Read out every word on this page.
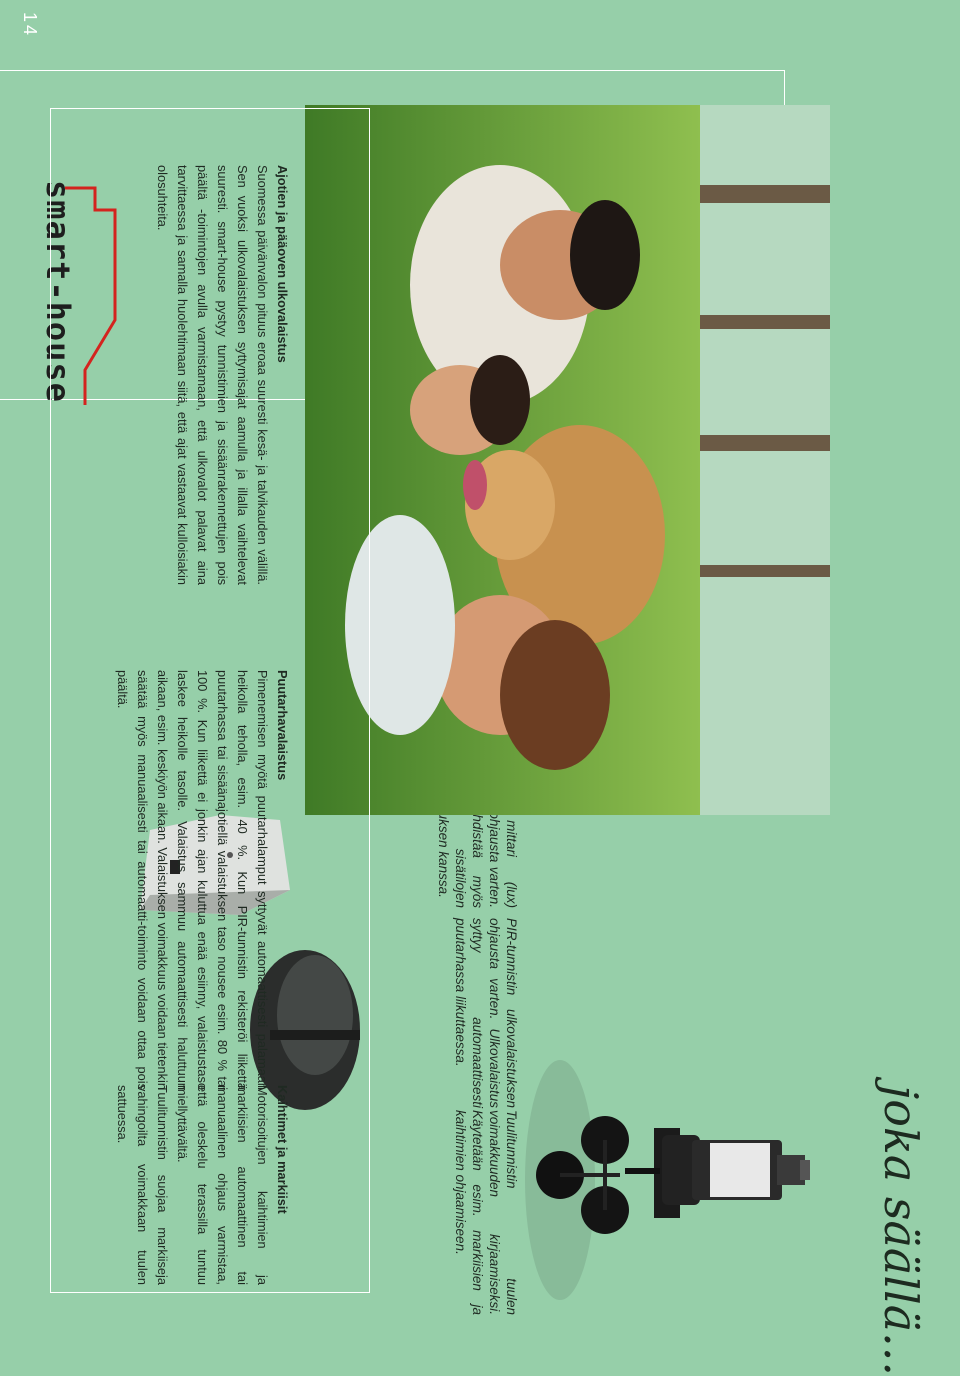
joka säällä...
Tuulitunnistin tuulen voimakkuuden kirjaamiseksi. Käytetään esim. markiisien ja kaihtimien ohjaamiseen.
PIR-tunnistin ulkovalaistuksen ohjausta varten. Ulkovalaistus syttyy automaattisesti puutarhassa liikuttaessa.
smart-house	Ajotien ja pääoven ulkovalaistus

Suomessa päivänvalon pituus eroaa suuresti kesä- ja talvikauden välillä. Sen vuoksi ulkovalaistuksen syttymisajat aamulla ja illalla vaihtelevat suuresti. smart-house pystyy tunnistimien ja sisäänrakennettujen pois päältä -toimintojen avulla varmistamaan, että ulkovalot palavat aina tarvittaessa ja samalla huolehtimaan siitä, että ajat vastaavat kulloisiakin olosuhteita.

Puutarhavalaistus

Pimenemisen myötä puutarhalamput syttyvät automaattisesti palamaan heikolla teholla, esim. 40 %. Kun PIR-tunnistin rekisteröi liikettä puutarhassa tai sisäänajotiellä valaistuksen taso nousee esim. 80 % tai 100 %. Kun liikettä ei jonkin ajan kuluttua enää esiinny, valaistustaso laskee heikolle tasolle. Valaistus sammuu automaattisesti haluttuun aikaan, esim. keskiyön aikaan. Valaistuksen voimakkuus voidaan tietenkin säätää myös manuaalisesti tai automaatti-toiminto voidaan ottaa pois päältä.

Kaihtimet ja markiisit

Motorisoitujen kaihtimien ja markiisien automaattinen tai manuaalinen ohjaus varmistaa, että oleskelu terassilla tuntuu miellyttävältä.

Tuulitunnistin suojaa markiiseja vahingoilta voimakkaan tuulen sattuessa.

14
